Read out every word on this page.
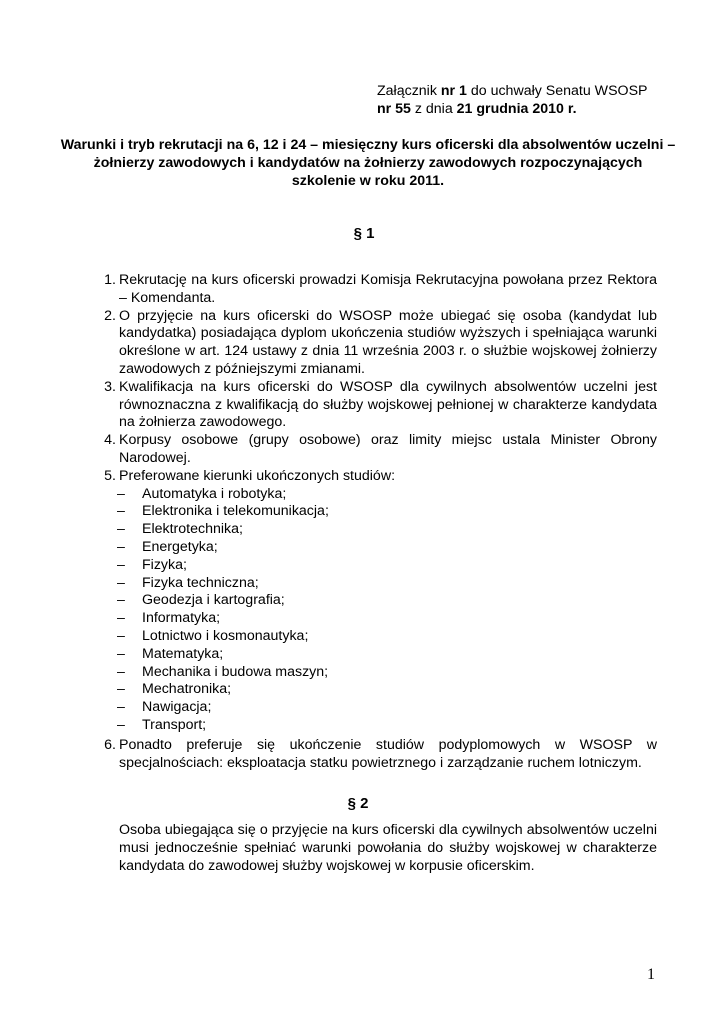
Załącznik nr 1 do uchwały Senatu WSOSP
nr 55 z dnia 21 grudnia 2010 r.
Warunki i tryb rekrutacji na 6, 12 i 24 – miesięczny kurs oficerski dla absolwentów uczelni – żołnierzy zawodowych i kandydatów na żołnierzy zawodowych rozpoczynających szkolenie w roku 2011.
§ 1
1. Rekrutację na kurs oficerski prowadzi Komisja Rekrutacyjna powołana przez Rektora – Komendanta.
2. O przyjęcie na kurs oficerski do WSOSP może ubiegać się osoba (kandydat lub kandydatka) posiadająca dyplom ukończenia studiów wyższych i spełniająca warunki określone w art. 124 ustawy z dnia 11 września 2003 r. o służbie wojskowej żołnierzy zawodowych z późniejszymi zmianami.
3. Kwalifikacja na kurs oficerski do WSOSP dla cywilnych absolwentów uczelni jest równoznaczna z kwalifikacją do służby wojskowej pełnionej w charakterze kandydata na żołnierza zawodowego.
4. Korpusy osobowe (grupy osobowe) oraz limity miejsc ustala Minister Obrony Narodowej.
5. Preferowane kierunki ukończonych studiów:
–	Automatyka i robotyka;
–	Elektronika i telekomunikacja;
–	Elektrotechnika;
–	Energetyka;
–	Fizyka;
–	Fizyka techniczna;
–	Geodezja i kartografia;
–	Informatyka;
–	Lotnictwo i kosmonautyka;
–	Matematyka;
–	Mechanika i budowa maszyn;
–	Mechatronika;
–	Nawigacja;
–	Transport;
6. Ponadto preferuje się ukończenie studiów podyplomowych w WSOSP w specjalnościach: eksploatacja statku powietrznego i zarządzanie ruchem lotniczym.
§ 2
Osoba ubiegająca się o przyjęcie na kurs oficerski dla cywilnych absolwentów uczelni musi jednocześnie spełniać warunki powołania do służby wojskowej w charakterze kandydata do zawodowej służby wojskowej w korpusie oficerskim.
1
